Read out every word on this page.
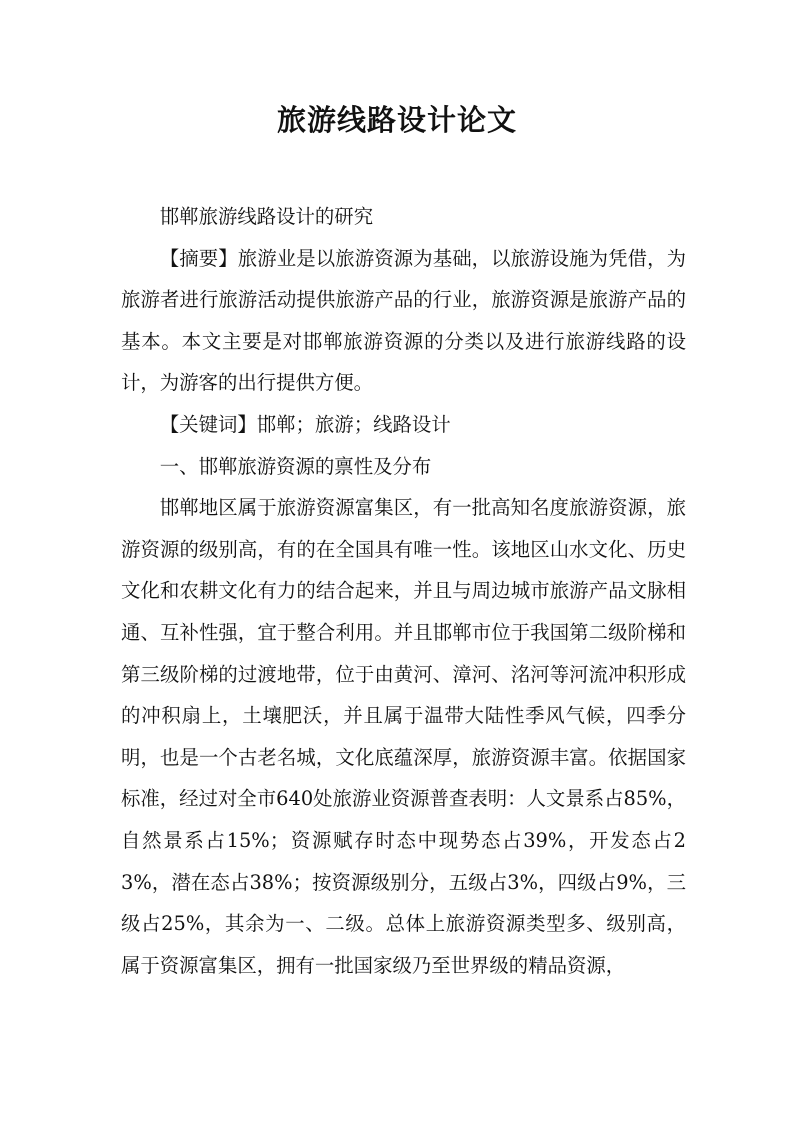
旅游线路设计论文

邯郸旅游线路设计的研究

【摘要】旅游业是以旅游资源为基础，以旅游设施为凭借，为旅游者进行旅游活动提供旅游产品的行业，旅游资源是旅游产品的基本。本文主要是对邯郸旅游资源的分类以及进行旅游线路的设计，为游客的出行提供方便。

【关键词】邯郸；旅游；线路设计

一、邯郸旅游资源的禀性及分布

邯郸地区属于旅游资源富集区，有一批高知名度旅游资源，旅游资源的级别高，有的在全国具有唯一性。该地区山水文化、历史文化和农耕文化有力的结合起来，并且与周边城市旅游产品文脉相通、互补性强，宜于整合利用。并且邯郸市位于我国第二级阶梯和第三级阶梯的过渡地带，位于由黄河、漳河、洺河等河流冲积形成的冲积扇上，土壤肥沃，并且属于温带大陆性季风气候，四季分明，也是一个古老名城，文化底蕴深厚，旅游资源丰富。依据国家标准，经过对全市640处旅游业资源普查表明：人文景系占85%，自然景系占15%；资源赋存时态中现势态占39%，开发态占23%，潜在态占38%；按资源级别分，五级占3%，四级占9%，三级占25%，其余为一、二级。总体上旅游资源类型多、级别高，属于资源富集区，拥有一批国家级乃至世界级的精品资源，
